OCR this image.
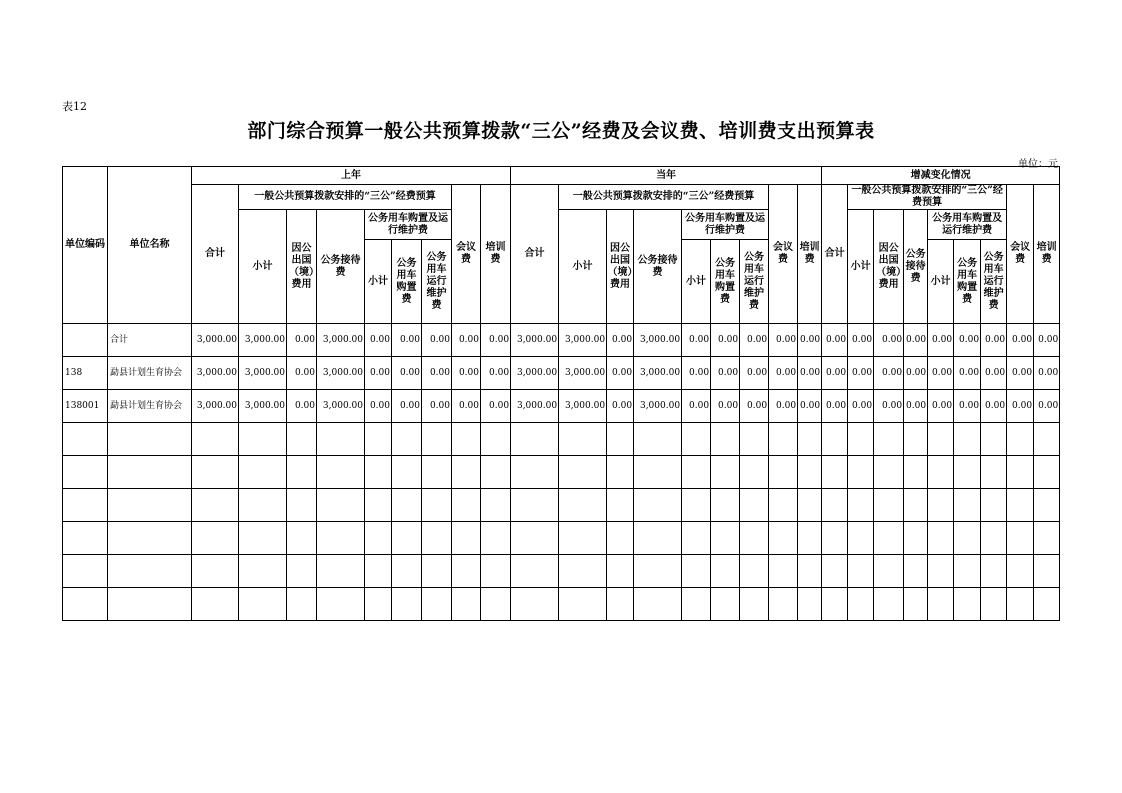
表12
部门综合预算一般公共预算拨款“三公”经费及会议费、培训费支出预算表
单位：元
单位编码	单位名称	上年									当年									增减变化情况								
		合计	一般公共预算拨款安排的“三公”经费预算						会议费	培训费	合计	一般公共预算拨款安排的“三公”经费预算						会议费	培训费	合计	一般公共预算拨款安排的“三公”经费预算						会议费	培训费
			小计	因公出国（境）费用	公务接待费	公务用车购置及运行维护费						小计	因公出国（境）费用	公务接待费	公务用车购置及运行维护费						小计	因公出国（境）费用	公务接待费	公务用车购置及运行维护费				
						小计	公务用车购置费	公务用车运行维护费							小计	公务用车购置费	公务用车运行维护费							小计	公务用车购置费	公务用车运行维护费		
	合计	3,000.00	3,000.00	0.00	3,000.00	0.00	0.00	0.00	0.00	0.00	3,000.00	3,000.00	0.00	3,000.00	0.00	0.00	0.00	0.00	0.00	0.00	0.00	0.00	0.00	0.00	0.00	0.00	0.00	0.00
138	勐县计划生育协会	3,000.00	3,000.00	0.00	3,000.00	0.00	0.00	0.00	0.00	0.00	3,000.00	3,000.00	0.00	3,000.00	0.00	0.00	0.00	0.00	0.00	0.00	0.00	0.00	0.00	0.00	0.00	0.00	0.00	0.00
138001	勐县计划生育协会	3,000.00	3,000.00	0.00	3,000.00	0.00	0.00	0.00	0.00	0.00	3,000.00	3,000.00	0.00	3,000.00	0.00	0.00	0.00	0.00	0.00	0.00	0.00	0.00	0.00	0.00	0.00	0.00	0.00	0.00
